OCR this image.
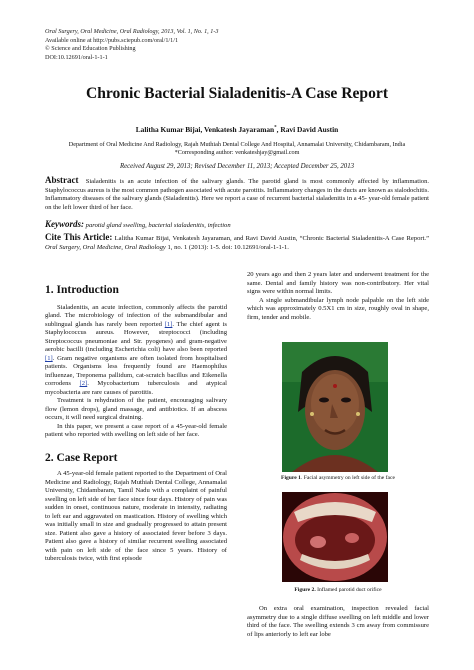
Oral Surgery, Oral Medicine, Oral Radiology, 2013, Vol. 1, No. 1, 1-3
Available online at http://pubs.sciepub.com/oral/1/1/1
© Science and Education Publishing
DOI:10.12691/oral-1-1-1
Chronic Bacterial Sialadenitis-A Case Report
Lalitha Kumar Bijai, Venkatesh Jayaraman*, Ravi David Austin
Department of Oral Medicine And Radiology, Rajah Muthiah Dental College And Hospital, Annamalai University, Chidambaram, India
*Corresponding author: venkateshjay@gmail.com
Received August 29, 2013; Revised December 11, 2013; Accepted December 25, 2013
Abstract Sialadenitis is an acute infection of the salivary glands. The parotid gland is most commonly affected by inflammation. Staphylococcus aureus is the most common pathogen associated with acute parotitis. Inflammatory changes in the ducts are known as sialodochitis. Inflammatory diseases of the salivary glands (Sialadenitis). Here we report a case of recurrent bacterial sialadenitis in a 45- year-old female patient on the left lower third of her face.
Keywords: parotid gland swelling, bacterial sialadenitis, infection
Cite This Article: Lalitha Kumar Bijai, Venkatesh Jayaraman, and Ravi David Austin, “Chronic Bacterial Sialadenitis-A Case Report.” Oral Surgery, Oral Medicine, Oral Radiology 1, no. 1 (2013): 1-5. doi: 10.12691/oral-1-1-1.
1. Introduction

Sialadenitis, an acute infection, commonly affects the parotid gland. The microbiology of infection of the submandibular and sublingual glands has rarely been reported [1]. The chief agent is Staphylococcus aureus. However, streptococci (including Streptococcus pneumoniae and Str. pyogenes) and gram-negative aerobic bacilli (including Escherichia coli) have also been reported [1]. Gram negative organisms are often isolated from hospitalised patients. Organisms less frequently found are Haemophilus influenzae, Treponema pallidum, cat-scratch bacillus and Eikenella corrodens [2]. Mycobacterium tuberculosis and atypical mycobacteria are rare causes of parotitis.

Treatment is rehydration of the patient, encouraging salivary flow (lemon drops), gland massage, and antibiotics. If an abscess occurs, it will need surgical draining.

In this paper, we present a case report of a 45-year-old female patient who reported with swelling on left side of her face.

2. Case Report

A 45-year-old female patient reported to the Department of Oral Medicine and Radiology, Rajah Muthiah Dental College, Annamalai University, Chidambaram, Tamil Nadu with a complaint of painful swelling on left side of her face since four days. History of pain was sudden in onset, continuous nature, moderate in intensity, radiating to left ear and aggravated on mastication. History of swelling which was initially small in size and gradually progressed to attain present size. Patient also gave a history of associated fever before 3 days. Patient also gave a history of similar recurrent swelling associated with pain on left side of the face since 5 years. History of tuberculosis twice, with first episode

20 years ago and then 2 years later and underwent treatment for the same. Dental and family history was non-contributory. Her vital signs were within normal limits.

A single submandibular lymph node palpable on the left side which was approximately 0.5X1 cm in size, roughly oval in shape, firm, tender and mobile.

Figure 1. Facial asymmetry on left side of the face
Figure 2. Inflamed parotid duct orifice

On extra oral examination, inspection revealed facial asymmetry due to a single diffuse swelling on left middle and lower third of the face. The swelling extends 3 cm away from commissure of lips anteriorly to left ear lobe
